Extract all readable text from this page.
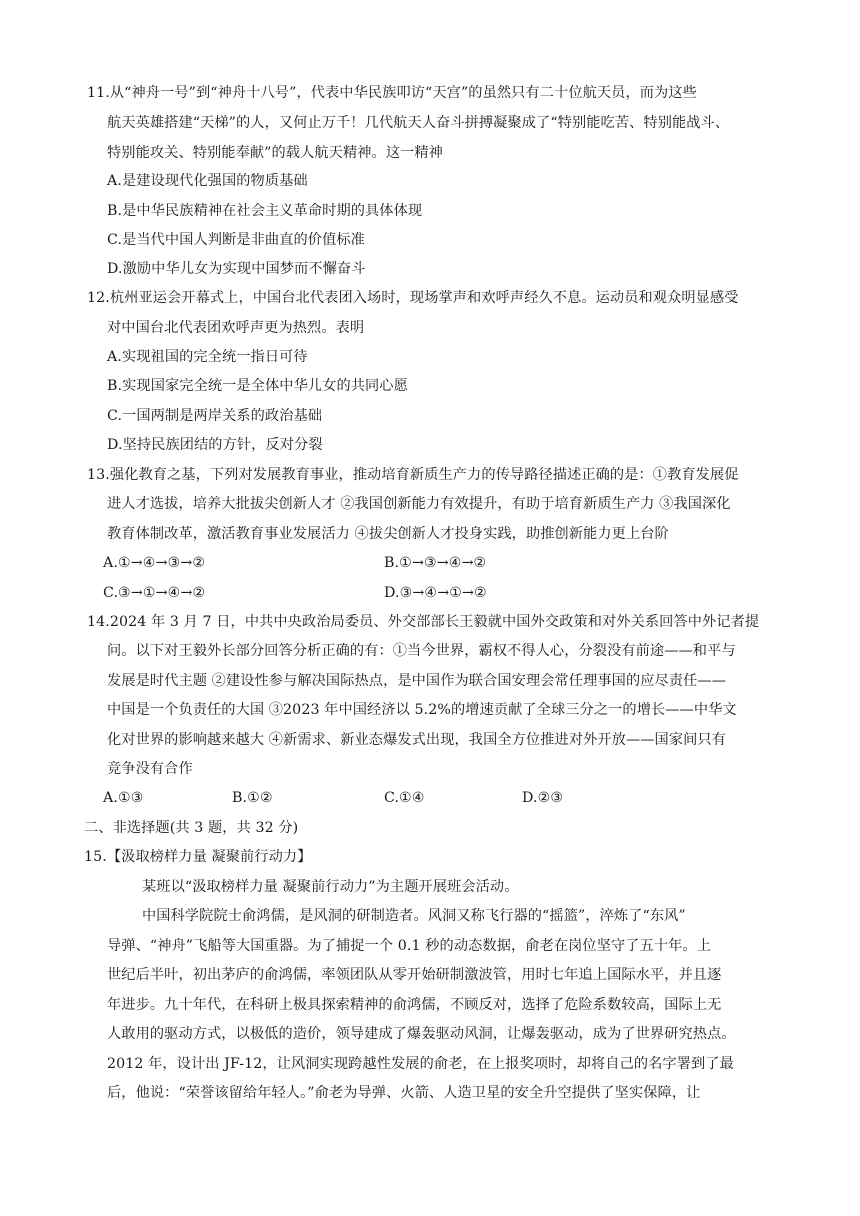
11.从“神舟一号”到“神舟十八号”，代表中华民族叩访“天宫”的虽然只有二十位航天员，而为这些
航天英雄搭建“天梯”的人，又何止万千！几代航天人奋斗拼搏凝聚成了“特别能吃苦、特别能战斗、
特别能攻关、特别能奉献”的载人航天精神。这一精神
A.是建设现代化强国的物质基础
B.是中华民族精神在社会主义革命时期的具体体现
C.是当代中国人判断是非曲直的价值标准
D.激励中华儿女为实现中国梦而不懈奋斗
12.杭州亚运会开幕式上，中国台北代表团入场时，现场掌声和欢呼声经久不息。运动员和观众明显感受
对中国台北代表团欢呼声更为热烈。表明
A.实现祖国的完全统一指日可待
B.实现国家完全统一是全体中华儿女的共同心愿
C.一国两制是两岸关系的政治基础
D.坚持民族团结的方针，反对分裂
13.强化教育之基，下列对发展教育事业，推动培育新质生产力的传导路径描述正确的是：①教育发展促
进人才选拔，培养大批拔尖创新人才 ②我国创新能力有效提升，有助于培育新质生产力 ③我国深化
教育体制改革，激活教育事业发展活力 ④拔尖创新人才投身实践，助推创新能力更上台阶
A.①→④→③→②	B.①→③→④→②
C.③→①→④→②	D.③→④→①→②
14.2024 年 3 月 7 日，中共中央政治局委员、外交部部长王毅就中国外交政策和对外关系回答中外记者提
问。以下对王毅外长部分回答分析正确的有：①当今世界，霸权不得人心，分裂没有前途——和平与
发展是时代主题 ②建设性参与解决国际热点，是中国作为联合国安理会常任理事国的应尽责任——
中国是一个负责任的大国 ③2023 年中国经济以 5.2%的增速贡献了全球三分之一的增长——中华文
化对世界的影响越来越大 ④新需求、新业态爆发式出现，我国全方位推进对外开放——国家间只有
竞争没有合作
A.①③	B.①②	C.①④	D.②③
二、非选择题(共 3 题，共 32 分)
15.【汲取榜样力量 凝聚前行动力】
某班以“汲取榜样力量 凝聚前行动力”为主题开展班会活动。
中国科学院院士俞鸿儒，是风洞的研制造者。风洞又称飞行器的“摇篮”，淬炼了“东风”
导弹、“神舟”飞船等大国重器。为了捕捉一个 0.1 秒的动态数据，俞老在岗位坚守了五十年。上
世纪后半叶，初出茅庐的俞鸿儒，率领团队从零开始研制激波管，用时七年追上国际水平，并且逐
年进步。九十年代，在科研上极具探索精神的俞鸿儒，不顾反对，选择了危险系数较高，国际上无
人敢用的驱动方式，以极低的造价，领导建成了爆轰驱动风洞，让爆轰驱动，成为了世界研究热点。
2012 年，设计出 JF-12，让风洞实现跨越性发展的俞老，在上报奖项时，却将自己的名字署到了最
后，他说：“荣誉该留给年轻人。”俞老为导弹、火箭、人造卫星的安全升空提供了坚实保障，让
